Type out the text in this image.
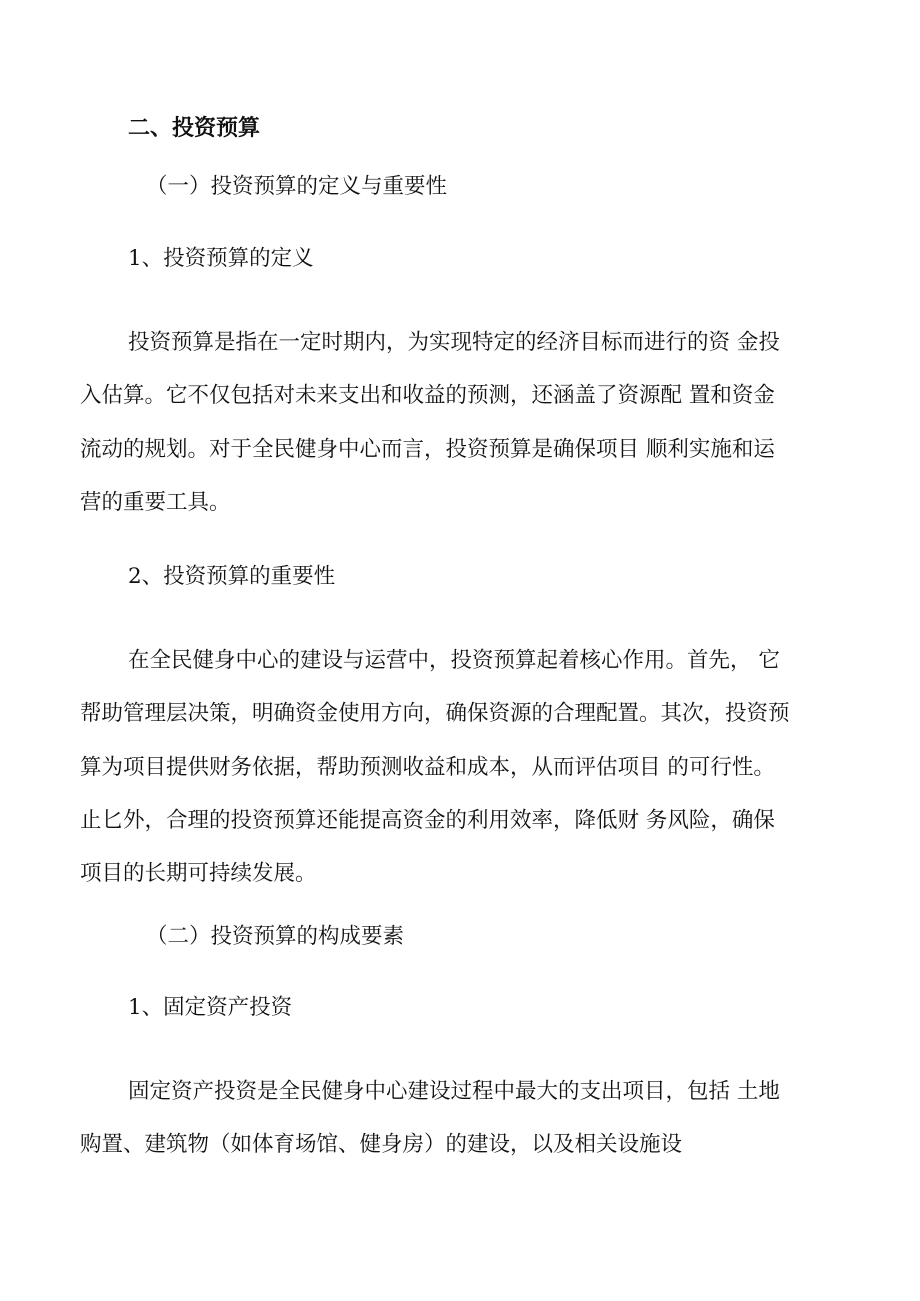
二、投资预算
（一）投资预算的定义与重要性
1、投资预算的定义
投资预算是指在一定时期内，为实现特定的经济目标而进行的资 金投
入估算。它不仅包括对未来支出和收益的预测，还涵盖了资源配 置和资金
流动的规划。对于全民健身中心而言，投资预算是确保项目 顺利实施和运
营的重要工具。
2、投资预算的重要性
在全民健身中心的建设与运营中，投资预算起着核心作用。首先， 它
帮助管理层决策，明确资金使用方向，确保资源的合理配置。其次，投资预
算为项目提供财务依据，帮助预测收益和成本，从而评估项目 的可行性。
止匕外，合理的投资预算还能提高资金的利用效率，降低财 务风险，确保
项目的长期可持续发展。
（二）投资预算的构成要素
1、固定资产投资
固定资产投资是全民健身中心建设过程中最大的支出项目，包括 土地
购置、建筑物（如体育场馆、健身房）的建设，以及相关设施设
